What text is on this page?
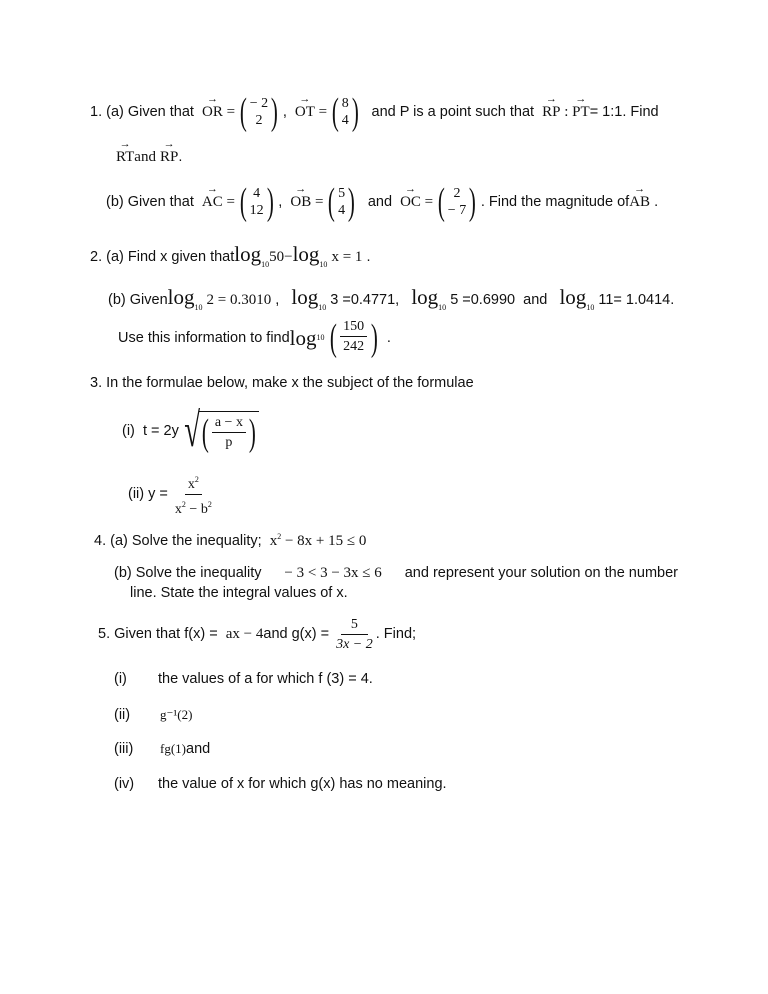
1. (a) Given that
→ OR = ( − 2
2 ) , → OT = ( 8
4 )
and P is a point such that
→ RP : → PT = 1:1. Find
→ RTand → RP.
(b) Given that
→ AC = ( 4
12 ) , → OB = ( 5
4 )
and
→ OC = ( 2
− 7 ) . Find the magnitude of → AB
.
2. (a) Find x given $thatlog_{10}50-\log_{10}$ x = 1 .
(b) Givenlog$_{10}$ 2 = 0.3010 ,   $\log_{10} 3 =0.4771$, $\log_{10} 5 =0.6990$ and $\log_{10} 11= 1.0414$.
Use this information to find log 10 ( $\frac{150}{242}$ )
.
3. In the formulae below, make x the subject of the formulae
(i)
t = 2y √ ( $\frac{a - x}{p}$ )
(ii)
y =
$\frac{x^2}{x^2 - b^2}$
4. (a) Solve the inequality; $x^2 - 8x + 15 \le 0$
(b) Solve the inequality − 3 < 3 − 3x ≤ 6 and represent your solution on the number
line. State the integral values of x.
5. Given that f(x) =
ax − 4 and $g(x) = \frac{5}{3x - 2}$ . Find;
(i) the values of a for which f (3) = 4.
(ii) g⁻¹(2)
(iii) fg(1)and
(iv) the value of x for which g(x) has no meaning.
